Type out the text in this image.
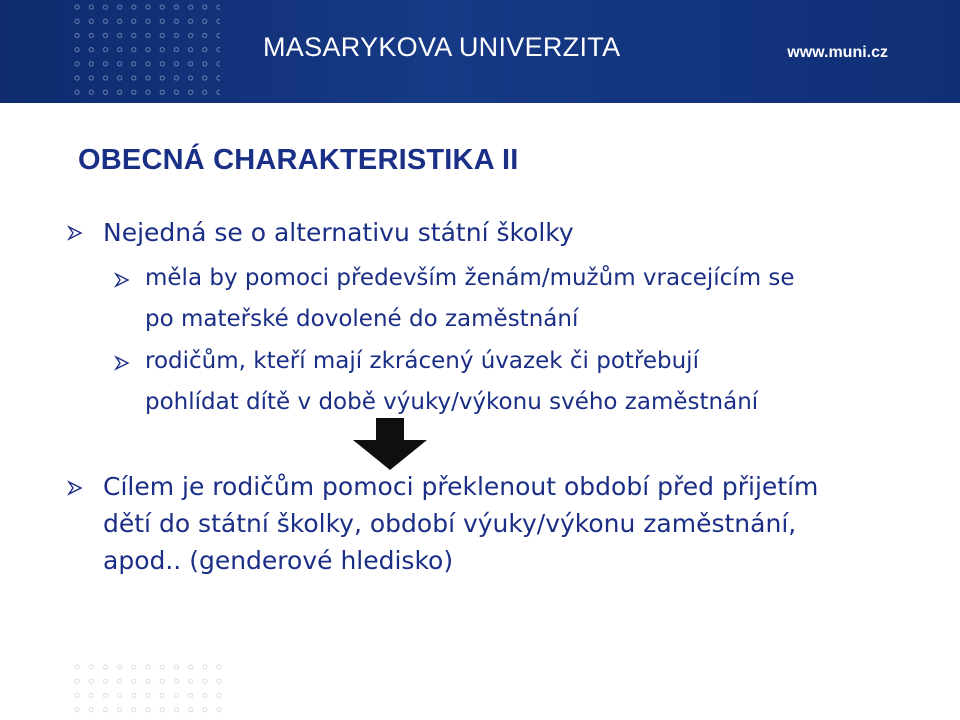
MASARYKOVA UNIVERZITA	www.muni.cz
OBECNÁ CHARAKTERISTIKA II
Nejedná se o alternativu státní školky
měla by pomoci především ženám/mužům vracejícím se
po mateřské dovolené do zaměstnání
rodičům, kteří mají zkrácený úvazek či potřebují
pohlídat dítě v době výuky/výkonu svého zaměstnání
Cílem je rodičům pomoci překlenout období před přijetím
dětí do státní školky, období výuky/výkonu zaměstnání,
apod.. (genderové hledisko)
